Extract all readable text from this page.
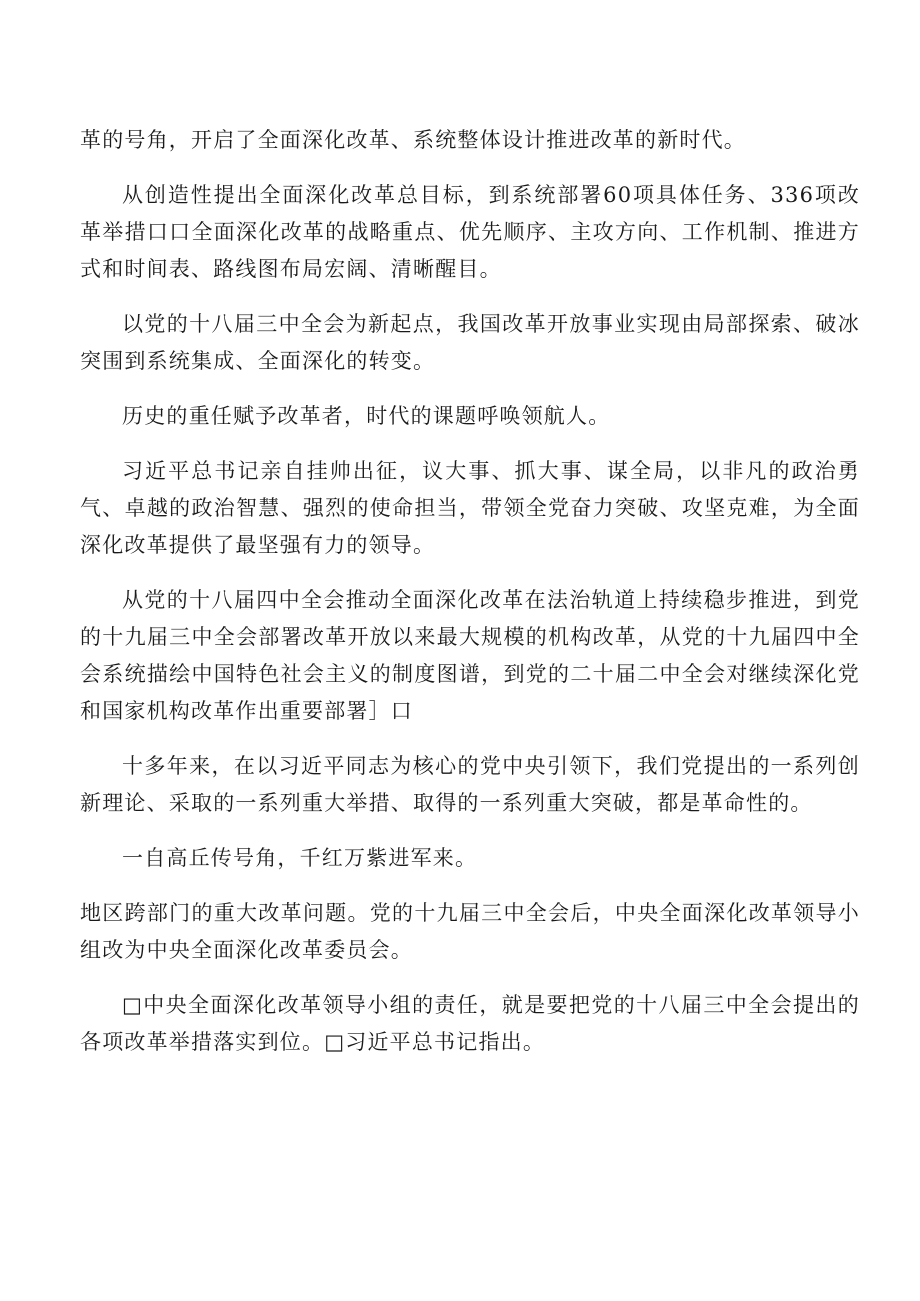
革的号角，开启了全面深化改革、系统整体设计推进改革的新时代。

从创造性提出全面深化改革总目标，到系统部署60项具体任务、336项改革举措口口全面深化改革的战略重点、优先顺序、主攻方向、工作机制、推进方式和时间表、路线图布局宏阔、清晰醒目。

以党的十八届三中全会为新起点，我国改革开放事业实现由局部探索、破冰突围到系统集成、全面深化的转变。

历史的重任赋予改革者，时代的课题呼唤领航人。

习近平总书记亲自挂帅出征，议大事、抓大事、谋全局，以非凡的政治勇气、卓越的政治智慧、强烈的使命担当，带领全党奋力突破、攻坚克难，为全面深化改革提供了最坚强有力的领导。

从党的十八届四中全会推动全面深化改革在法治轨道上持续稳步推进，到党的十九届三中全会部署改革开放以来最大规模的机构改革，从党的十九届四中全会系统描绘中国特色社会主义的制度图谱，到党的二十届二中全会对继续深化党和国家机构改革作出重要部署］口

十多年来，在以习近平同志为核心的党中央引领下，我们党提出的一系列创新理论、采取的一系列重大举措、取得的一系列重大突破，都是革命性的。

一自高丘传号角，千红万紫进军来。

地区跨部门的重大改革问题。党的十九届三中全会后，中央全面深化改革领导小组改为中央全面深化改革委员会。

□中央全面深化改革领导小组的责任，就是要把党的十八届三中全会提出的各项改革举措落实到位。□习近平总书记指出。
